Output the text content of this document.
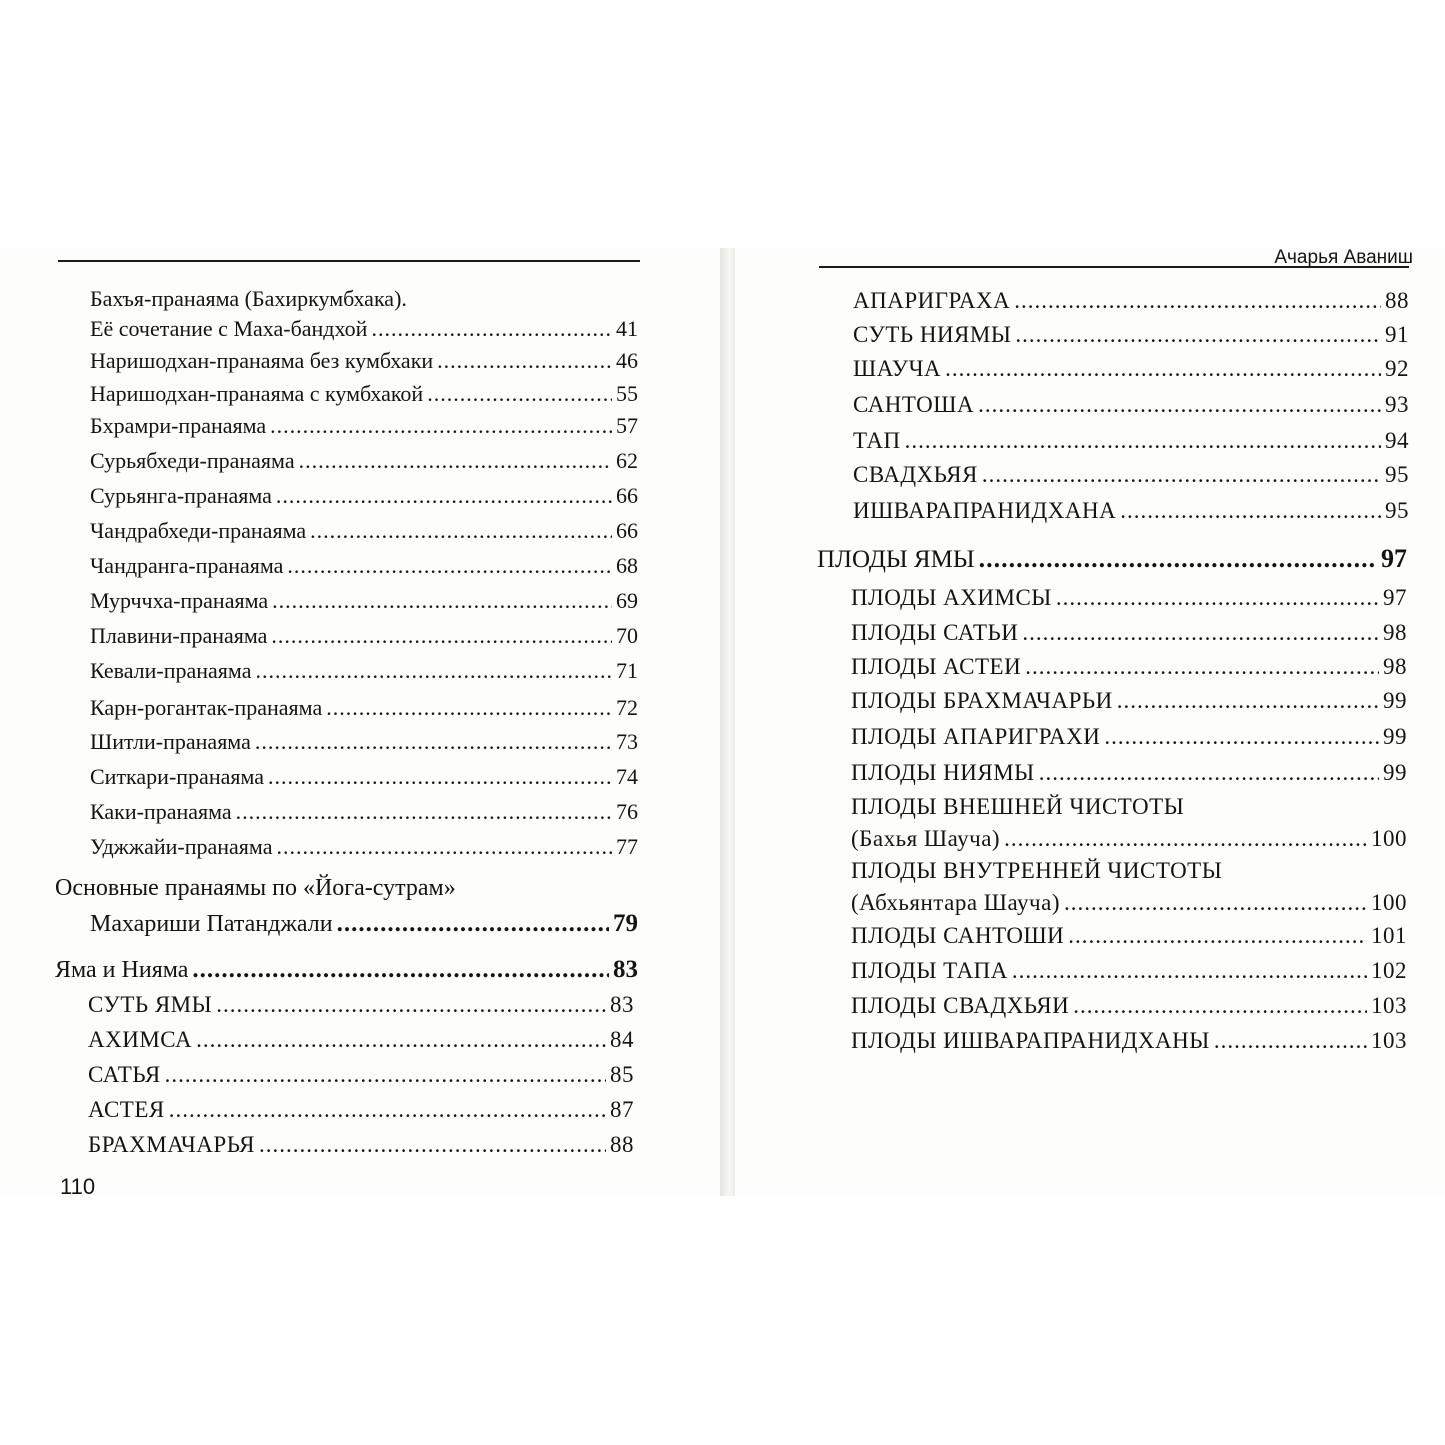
Бахъя-пранаяма (Бахиркумбхака).
Её сочетание с Маха-бандхой .....	41
Наришодхан-пранаяма без кумбхаки .....	46
Наришодхан-пранаяма с кумбхакой .....	55
Бхрамри-пранаяма .....	57
Сурьябхеди-пранаяма .....	62
Сурьянга-пранаяма .....	66
Чандрабхеди-пранаяма .....	66
Чандранга-пранаяма .....	68
Мурччха-пранаяма .....	69
Плавини-пранаяма .....	70
Кевали-пранаяма .....	71
Карн-рогантак-пранаяма .....	72
Шитли-пранаяма .....	73
Ситкари-пранаяма .....	74
Каки-пранаяма .....	76
Уджжайи-пранаяма .....	77
Основные пранаямы по «Йога-сутрам»
Махариши Патанджали .....	79
Яма и Нияма .....	83
СУТЬ ЯМЫ .....	83
АХИМСА .....	84
САТЬЯ .....	85
АСТЕЯ .....	87
БРАХМАЧАРЬЯ .....	88
110
Ачарья Аваниш
АПАРИГРАХА .....	88
СУТЬ НИЯМЫ .....	91
ШАУЧА .....	92
САНТОША .....	93
ТАП .....	94
СВАДХЬЯЯ .....	95
ИШВАРАПРАНИДХАНА .....	95
ПЛОДЫ ЯМЫ .....	97
ПЛОДЫ АХИМСЫ .....	97
ПЛОДЫ САТЬИ .....	98
ПЛОДЫ АСТЕИ .....	98
ПЛОДЫ БРАХМАЧАРЬИ .....	99
ПЛОДЫ АПАРИГРАХИ .....	99
ПЛОДЫ НИЯМЫ .....	99
ПЛОДЫ ВНЕШНЕЙ ЧИСТОТЫ
(Бахья Шауча) .....	100
ПЛОДЫ ВНУТРЕННЕЙ ЧИСТОТЫ
(Абхьянтара Шауча) .....	100
ПЛОДЫ САНТОШИ .....	101
ПЛОДЫ ТАПА .....	102
ПЛОДЫ СВАДХЬЯИ .....	103
ПЛОДЫ ИШВАРАПРАНИДХАНЫ .....	103
